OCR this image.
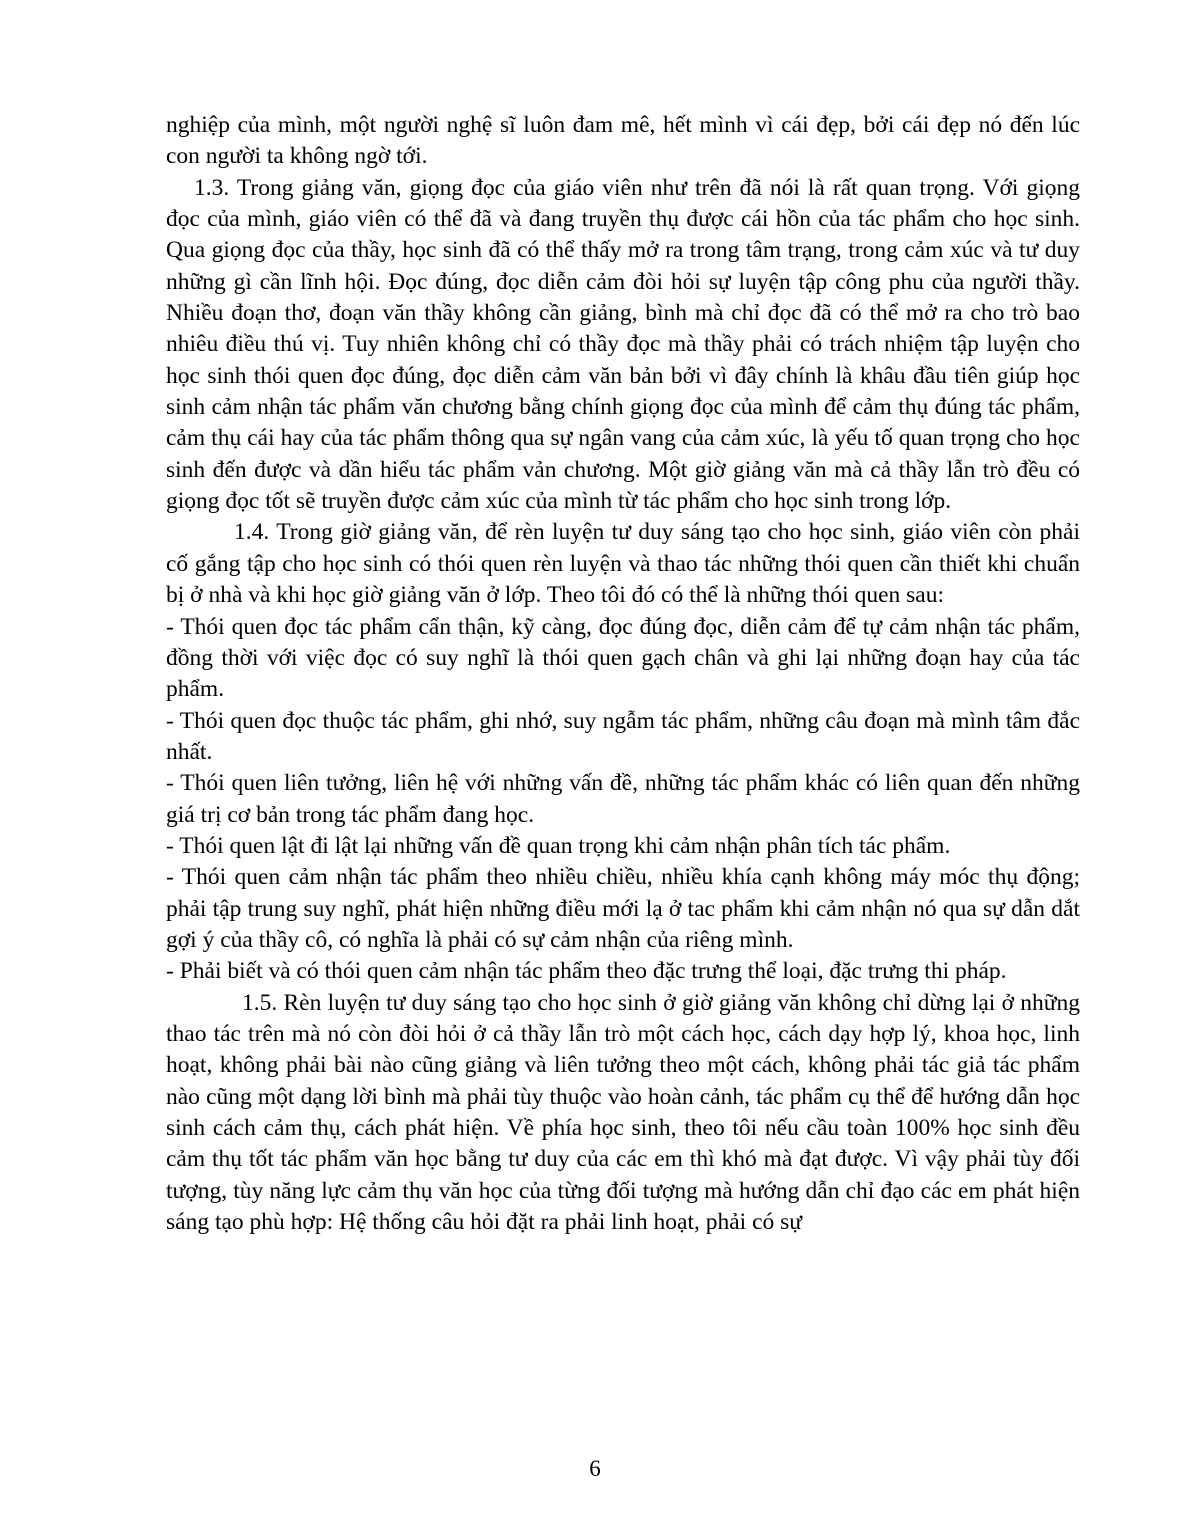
nghiệp của mình, một người nghệ sĩ luôn đam mê, hết mình vì cái đẹp, bởi cái đẹp nó đến lúc con người ta không ngờ tới.

1.3. Trong giảng văn, giọng đọc của giáo viên như trên đã nói là rất quan trọng. Với giọng đọc của mình, giáo viên có thể đã và đang truyền thụ được cái hồn của tác phẩm cho học sinh. Qua giọng đọc của thầy, học sinh đã có thể thấy mở ra trong tâm trạng, trong cảm xúc và tư duy những gì cần lĩnh hội. Đọc đúng, đọc diễn cảm đòi hỏi sự luyện tập công phu của người thầy. Nhiều đoạn thơ, đoạn văn thầy không cần giảng, bình mà chỉ đọc đã có thể mở ra cho trò bao nhiêu điều thú vị. Tuy nhiên không chỉ có thầy đọc mà thầy phải có trách nhiệm tập luyện cho học sinh thói quen đọc đúng, đọc diễn cảm văn bản bởi vì đây chính là khâu đầu tiên giúp học sinh cảm nhận tác phẩm văn chương bằng chính giọng đọc của mình để cảm thụ đúng tác phẩm, cảm thụ cái hay của tác phẩm thông qua sự ngân vang của cảm xúc, là yếu tố quan trọng cho học sinh đến được và dần hiểu tác phẩm vản chương. Một giờ giảng văn mà cả thầy lẫn trò đều có giọng đọc tốt sẽ truyền được cảm xúc của mình từ tác phẩm cho học sinh trong lớp.

1.4. Trong giờ giảng văn, để rèn luyện tư duy sáng tạo cho học sinh, giáo viên còn phải cố gắng tập cho học sinh có thói quen rèn luyện và thao tác những thói quen cần thiết khi chuẩn bị ở nhà và khi học giờ giảng văn ở lớp. Theo tôi đó có thể là những thói quen sau:

- Thói quen đọc tác phẩm cẩn thận, kỹ càng, đọc đúng đọc, diễn cảm để tự cảm nhận tác phẩm, đồng thời với việc đọc có suy nghĩ là thói quen gạch chân và ghi lại những đoạn hay của tác phẩm.

- Thói quen đọc thuộc tác phẩm, ghi nhớ, suy ngẫm tác phẩm, những câu đoạn mà mình tâm đắc nhất.

- Thói quen liên tưởng, liên hệ với những vấn đề, những tác phẩm khác có liên quan đến những giá trị cơ bản trong tác phẩm đang học.

- Thói quen lật đi lật lại những vấn đề quan trọng khi cảm nhận phân tích tác phẩm.

- Thói quen cảm nhận tác phẩm theo nhiều chiều, nhiều khía cạnh không máy móc thụ động; phải tập trung suy nghĩ, phát hiện những điều mới lạ ở tac phẩm khi cảm nhận nó qua sự dẫn dắt gợi ý của thầy cô, có nghĩa là phải có sự cảm nhận của riêng mình.

- Phải biết và có thói quen cảm nhận tác phẩm theo đặc trưng thể loại, đặc trưng thi pháp.

1.5. Rèn luyện tư duy sáng tạo cho học sinh ở giờ giảng văn không chỉ dừng lại ở những thao tác trên mà nó còn đòi hỏi ở cả thầy lẫn trò một cách học, cách dạy hợp lý, khoa học, linh hoạt, không phải bài nào cũng giảng và liên tưởng theo một cách, không phải tác giả tác phẩm nào cũng một dạng lời bình mà phải tùy thuộc vào hoàn cảnh, tác phẩm cụ thể để hướng dẫn học sinh cách cảm thụ, cách phát hiện. Về phía học sinh, theo tôi nếu cầu toàn 100% học sinh đều cảm thụ tốt tác phẩm văn học bằng tư duy của các em thì khó mà đạt được. Vì vậy phải tùy đối tượng, tùy năng lực cảm thụ văn học của từng đối tượng mà hướng dẫn chỉ đạo các em phát hiện sáng tạo phù hợp: Hệ thống câu hỏi đặt ra phải linh hoạt, phải có sự

6
